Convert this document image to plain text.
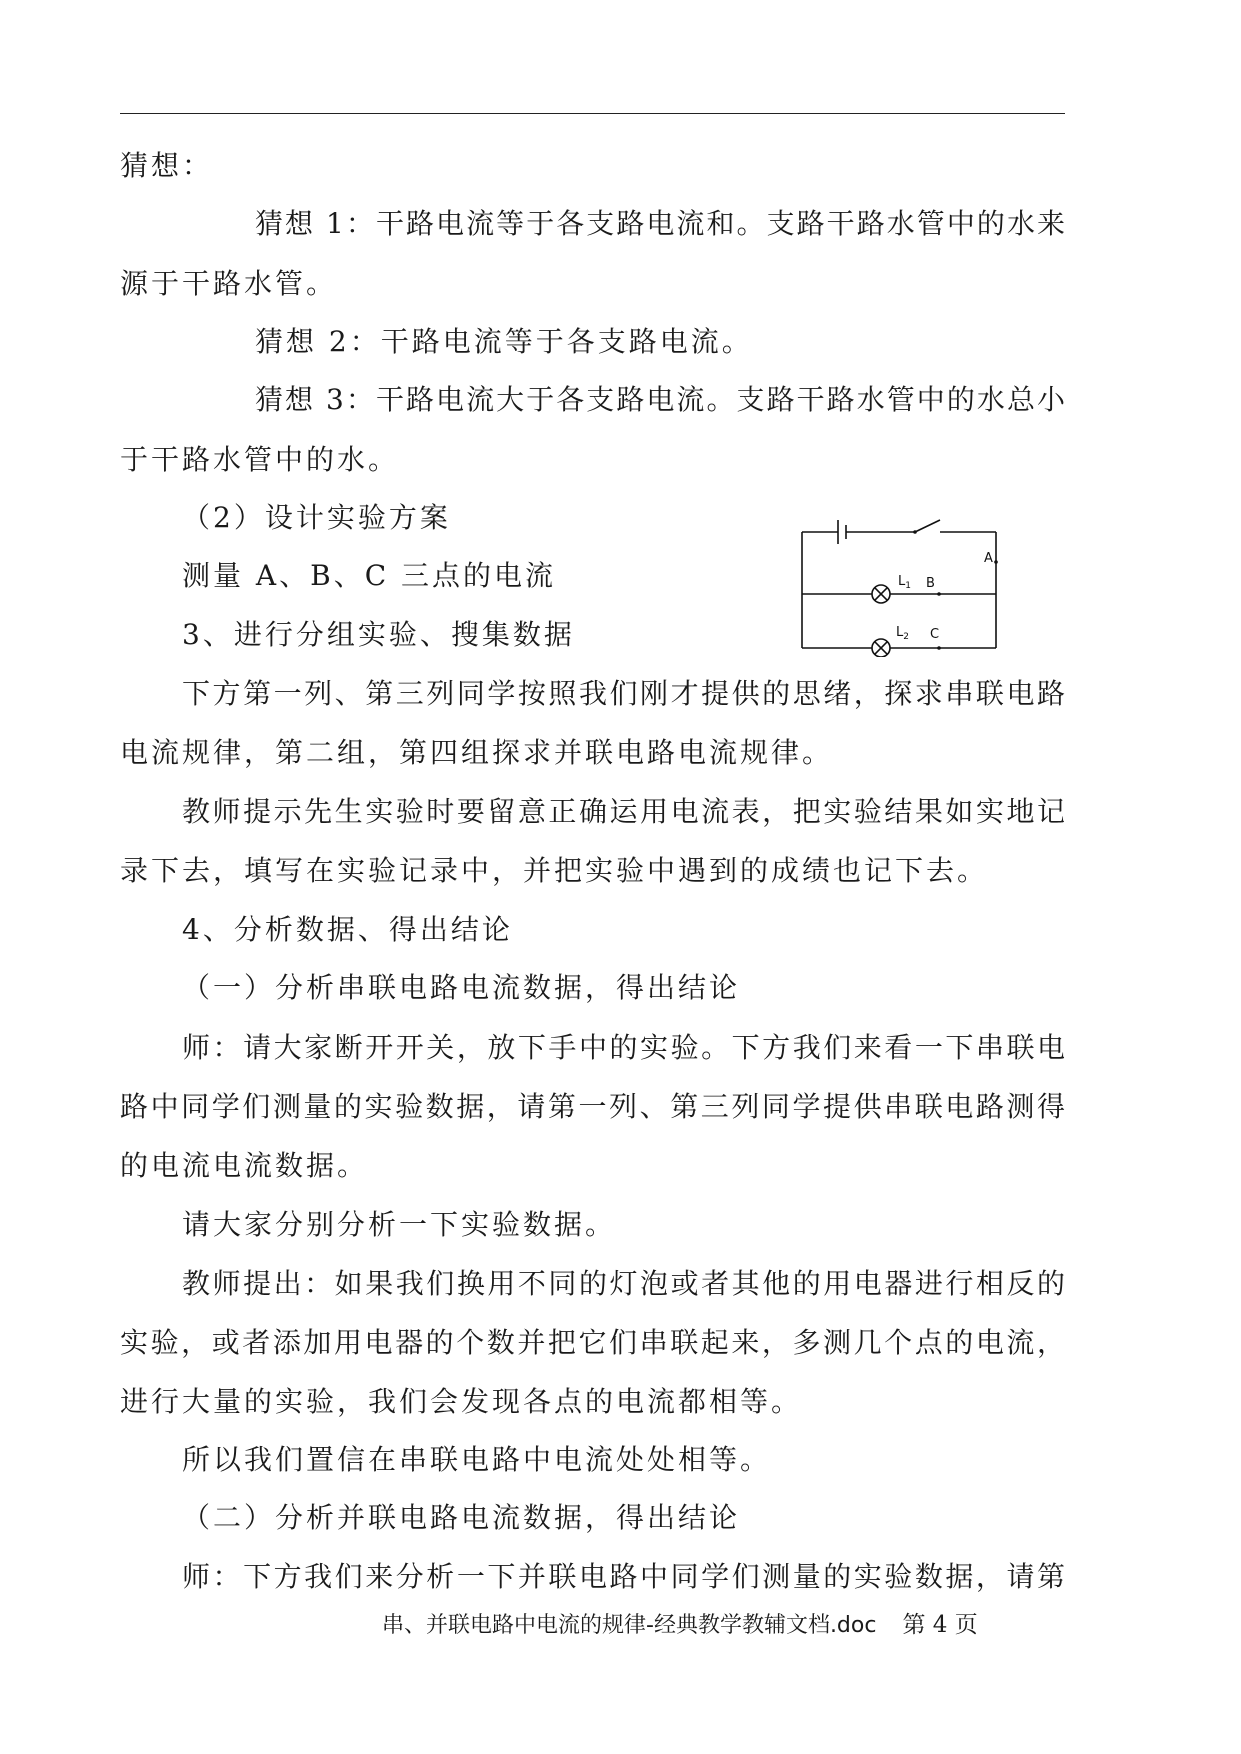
猜想：
猜想 1：干路电流等于各支路电流和。支路干路水管中的水来
源于干路水管。
猜想 2：干路电流等于各支路电流。
猜想 3：干路电流大于各支路电流。支路干路水管中的水总小
于干路水管中的水。
（2）设计实验方案
测量 A、B、C 三点的电流
3、进行分组实验、搜集数据
下方第一列、第三列同学按照我们刚才提供的思绪，探求串联电路
电流规律，第二组，第四组探求并联电路电流规律。
教师提示先生实验时要留意正确运用电流表，把实验结果如实地记
录下去，填写在实验记录中，并把实验中遇到的成绩也记下去。
4、分析数据、得出结论
（一）分析串联电路电流数据，得出结论
师：请大家断开开关，放下手中的实验。下方我们来看一下串联电
路中同学们测量的实验数据，请第一列、第三列同学提供串联电路测得
的电流电流数据。
请大家分别分析一下实验数据。
教师提出：如果我们换用不同的灯泡或者其他的用电器进行相反的
实验，或者添加用电器的个数并把它们串联起来，多测几个点的电流，
进行大量的实验，我们会发现各点的电流都相等。
所以我们置信在串联电路中电流处处相等。
（二）分析并联电路电流数据，得出结论
师：下方我们来分析一下并联电路中同学们测量的实验数据，请第
A
B
C
$L_1$
$L_2$
串、并联电路中电流的规律-经典教学教辅文档.doc 第 4 页
